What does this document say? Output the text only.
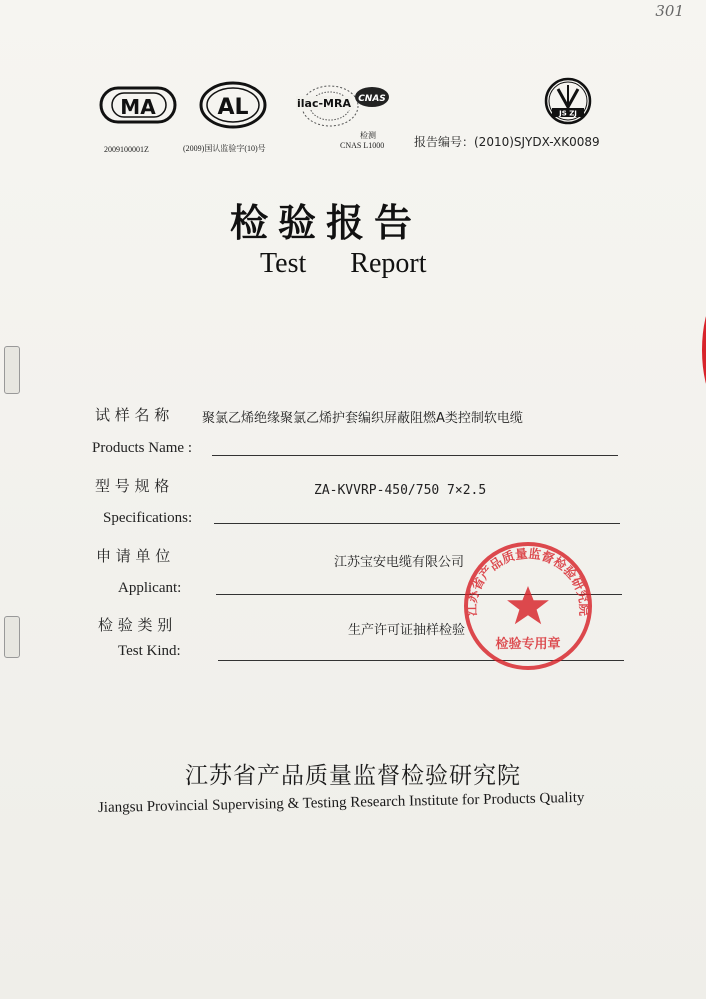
301
MA
2009100001Z
AL
(2009)国认监验字(10)号
ilac-MRA CNAS
检测
CNAS L1000
JS ZJ
报告编号：(2010)SJYDX-XK0089
检验报告
Test Report
试 样 名 称	聚氯乙烯绝缘聚氯乙烯护套编织屏蔽阻燃A类控制软电缆
Products Name :
型 号 规 格	ZA-KVVRP-450/750 7×2.5
Specifications:
申 请 单 位	江苏宝安电缆有限公司
Applicant:
检 验 类 别	生产许可证抽样检验
Test Kind:
江苏省产品质量监督检验研究院
检验专用章
江苏省产品质量监督检验研究院
Jiangsu Provincial Supervising & Testing Research Institute for Products Quality
